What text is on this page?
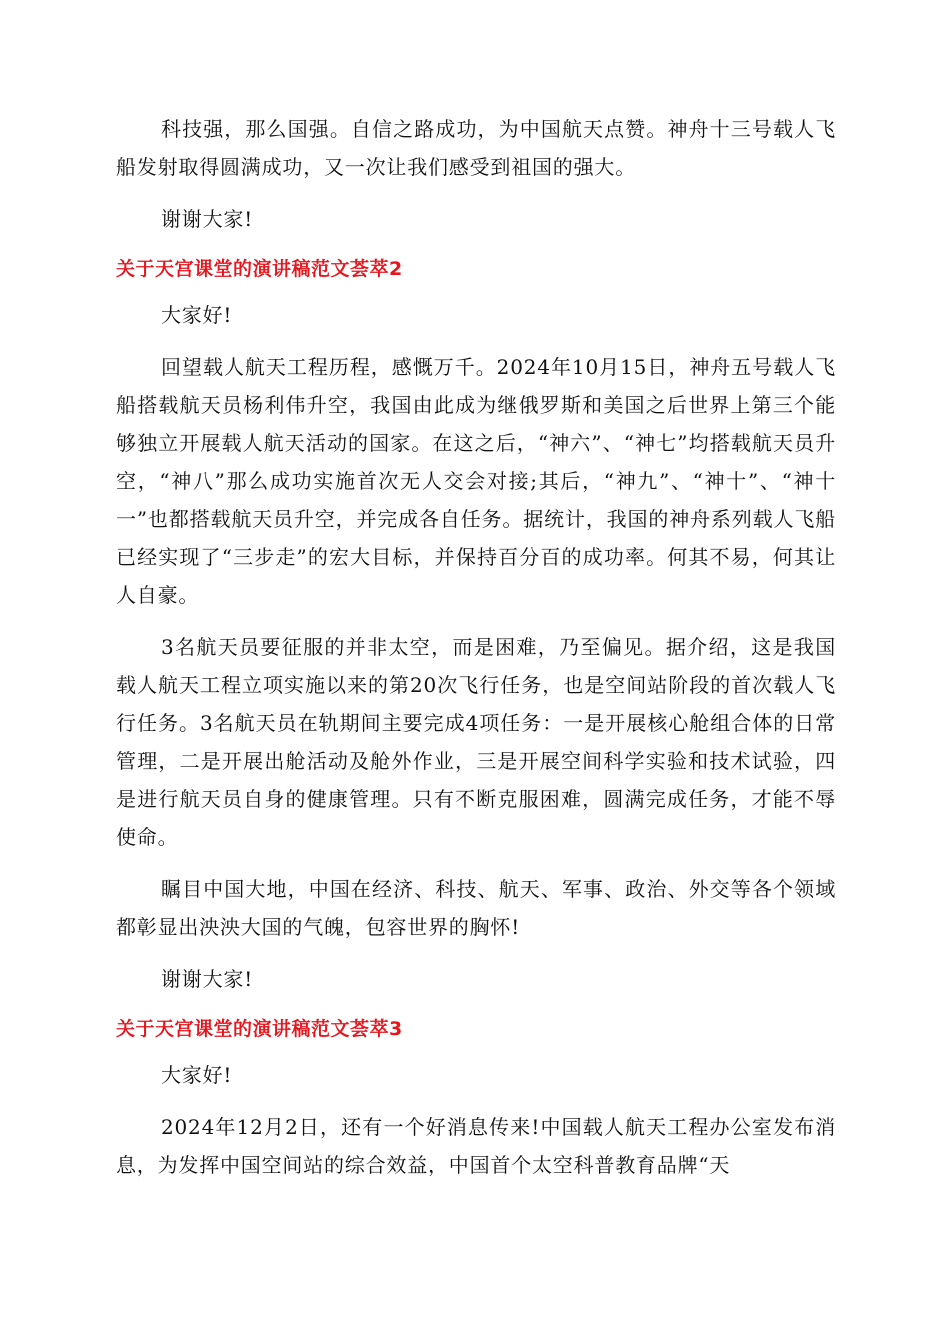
科技强，那么国强。自信之路成功，为中国航天点赞。神舟十三号载人飞船发射取得圆满成功，又一次让我们感受到祖国的强大。

谢谢大家!

关于天宫课堂的演讲稿范文荟萃2

大家好!

回望载人航天工程历程，感慨万千。2024年10月15日，神舟五号载人飞船搭载航天员杨利伟升空，我国由此成为继俄罗斯和美国之后世界上第三个能够独立开展载人航天活动的国家。在这之后，“神六”、“神七”均搭载航天员升空，“神八”那么成功实施首次无人交会对接;其后，“神九”、“神十”、“神十一”也都搭载航天员升空，并完成各自任务。据统计，我国的神舟系列载人飞船已经实现了“三步走”的宏大目标，并保持百分百的成功率。何其不易，何其让人自豪。

3名航天员要征服的并非太空，而是困难，乃至偏见。据介绍，这是我国载人航天工程立项实施以来的第20次飞行任务，也是空间站阶段的首次载人飞行任务。3名航天员在轨期间主要完成4项任务：一是开展核心舱组合体的日常管理，二是开展出舱活动及舱外作业，三是开展空间科学实验和技术试验，四是进行航天员自身的健康管理。只有不断克服困难，圆满完成任务，才能不辱使命。

瞩目中国大地，中国在经济、科技、航天、军事、政治、外交等各个领域都彰显出泱泱大国的气魄，包容世界的胸怀!

谢谢大家!

关于天宫课堂的演讲稿范文荟萃3

大家好!

2024年12月2日，还有一个好消息传来!中国载人航天工程办公室发布消息，为发挥中国空间站的综合效益，中国首个太空科普教育品牌“天
